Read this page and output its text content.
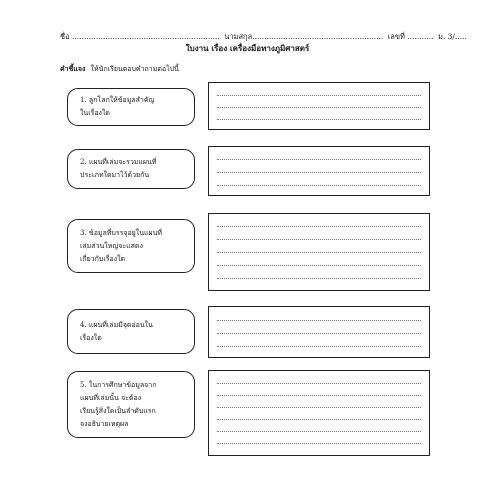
ชื่อ .............................................................. นามสกุล....................................................... เลขที่ ........... ม. 3/.....
ใบงาน เรื่อง เครื่องมือทางภูมิศาสตร์
คำชี้แจง ให้นักเรียนตอบคำถามต่อไปนี้
1. ลูกโลกให้ข้อมูลสำคัญ
ในเรื่องใด
2. แผนที่เล่มจะรวมแผนที่
ประเภทใดมาไว้ด้วยกัน
3. ข้อมูลที่บรรจุอยู่ในแผนที่
เล่มส่วนใหญ่จะแสดง
เกี่ยวกับเรื่องใด
4. แผนที่เล่มมีจุดอ่อนใน
เรื่องใด
5. ในการศึกษาข้อมูลจาก
แผนที่เล่มนั้น จะต้อง
เรียนรู้สิ่งใดเป็นลำดับแรก
จงอธิบายเหตุผล
